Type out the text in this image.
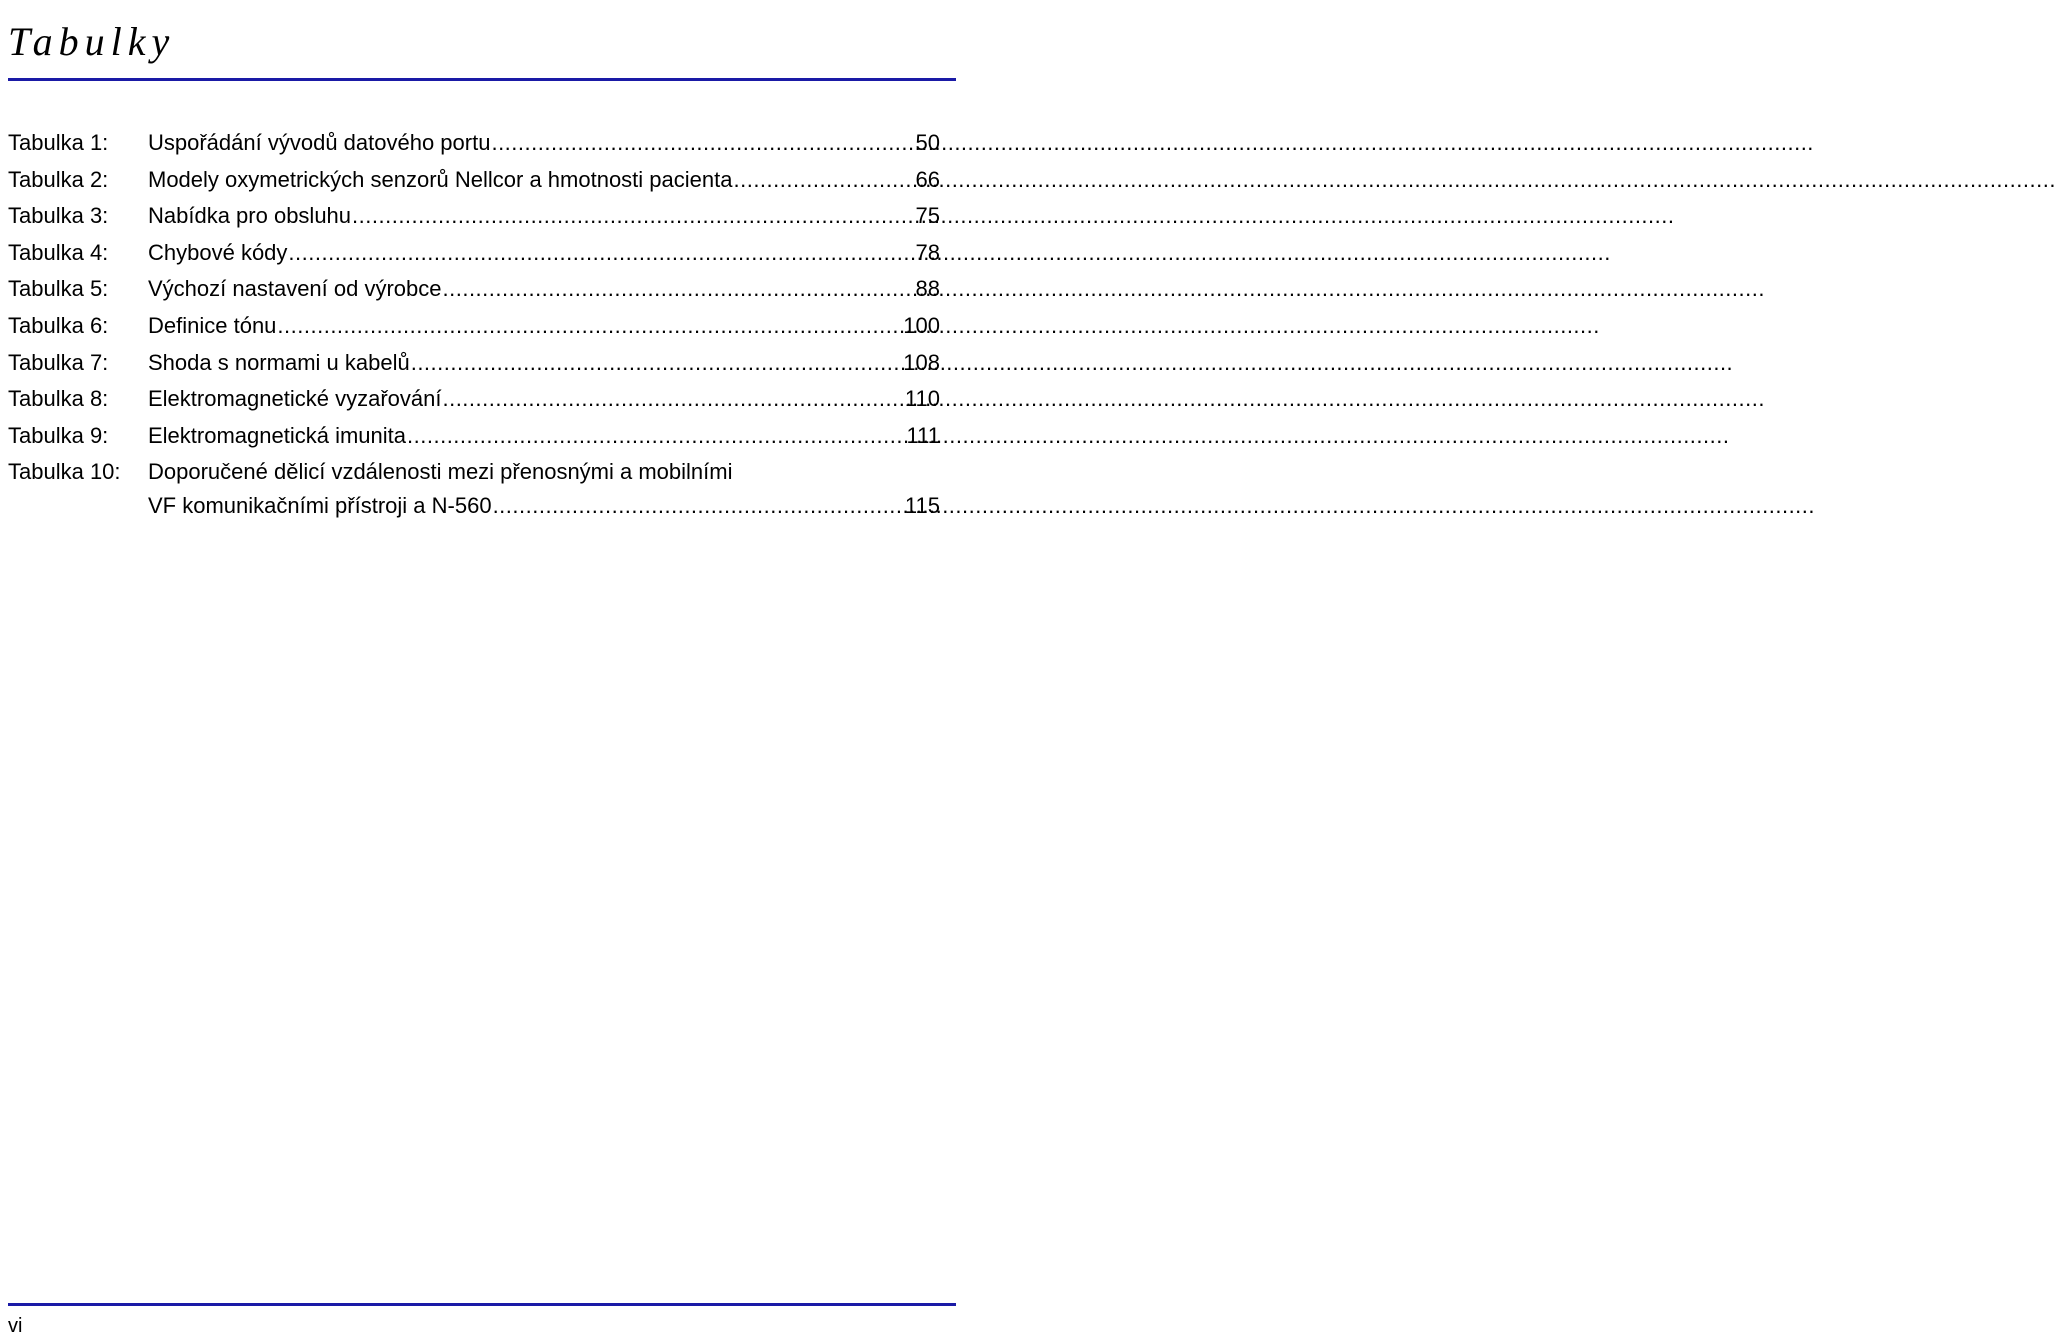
Tabulky
Tabulka 1:	Uspořádání vývodů datového portu .....	50
Tabulka 2:	Modely oxymetrických senzorů Nellcor a hmotnosti pacienta .....	66
Tabulka 3:	Nabídka pro obsluhu .....	75
Tabulka 4:	Chybové kódy .....	78
Tabulka 5:	Výchozí nastavení od výrobce .....	88
Tabulka 6:	Definice tónu .....	100
Tabulka 7:	Shoda s normami u kabelů .....	108
Tabulka 8:	Elektromagnetické vyzařování .....	110
Tabulka 9:	Elektromagnetická imunita .....	111
Tabulka 10:	Doporučené dělicí vzdálenosti mezi přenosnými a mobilními
VF komunikačními přístroji a N-560 .....	115
vi
